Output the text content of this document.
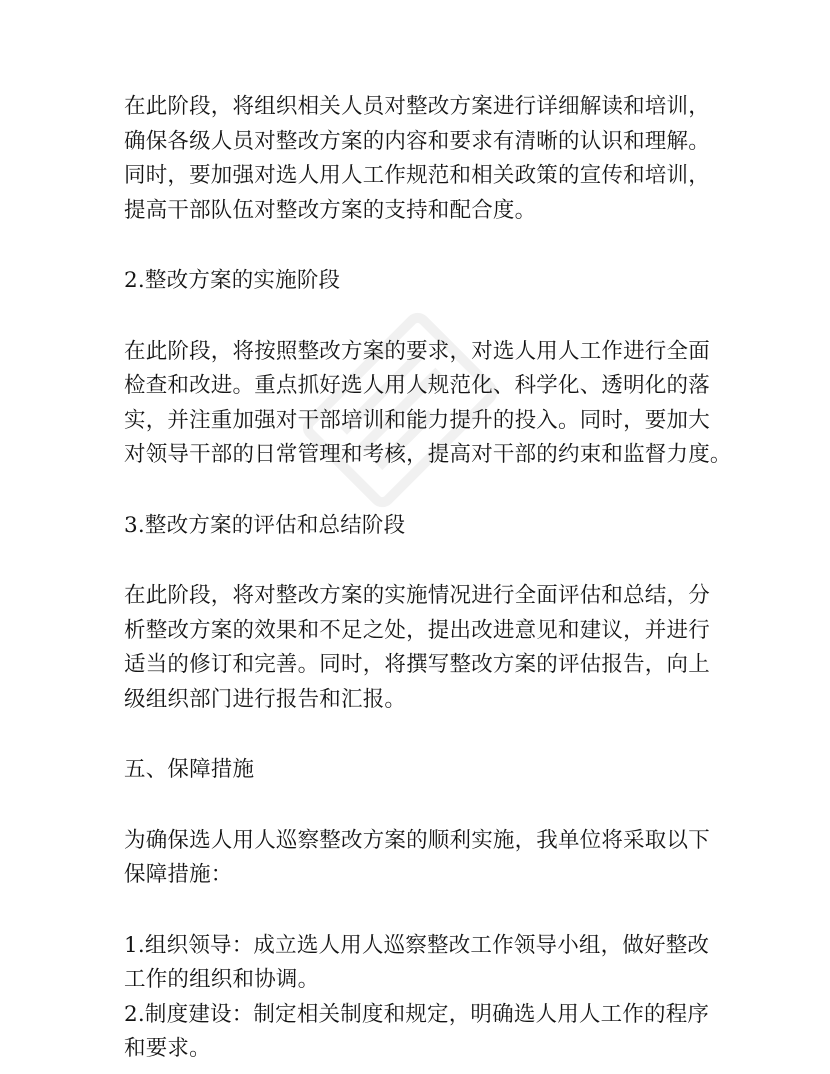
在此阶段，将组织相关人员对整改方案进行详细解读和培训，

确保各级人员对整改方案的内容和要求有清晰的认识和理解。

同时，要加强对选人用人工作规范和相关政策的宣传和培训，

提高干部队伍对整改方案的支持和配合度。

2.整改方案的实施阶段

在此阶段，将按照整改方案的要求，对选人用人工作进行全面

检查和改进。重点抓好选人用人规范化、科学化、透明化的落

实，并注重加强对干部培训和能力提升的投入。同时，要加大

对领导干部的日常管理和考核，提高对干部的约束和监督力度。

3.整改方案的评估和总结阶段

在此阶段，将对整改方案的实施情况进行全面评估和总结，分

析整改方案的效果和不足之处，提出改进意见和建议，并进行

适当的修订和完善。同时，将撰写整改方案的评估报告，向上

级组织部门进行报告和汇报。

五、保障措施

为确保选人用人巡察整改方案的顺利实施，我单位将采取以下

保障措施：

1.组织领导：成立选人用人巡察整改工作领导小组，做好整改

工作的组织和协调。

2.制度建设：制定相关制度和规定，明确选人用人工作的程序

和要求。
